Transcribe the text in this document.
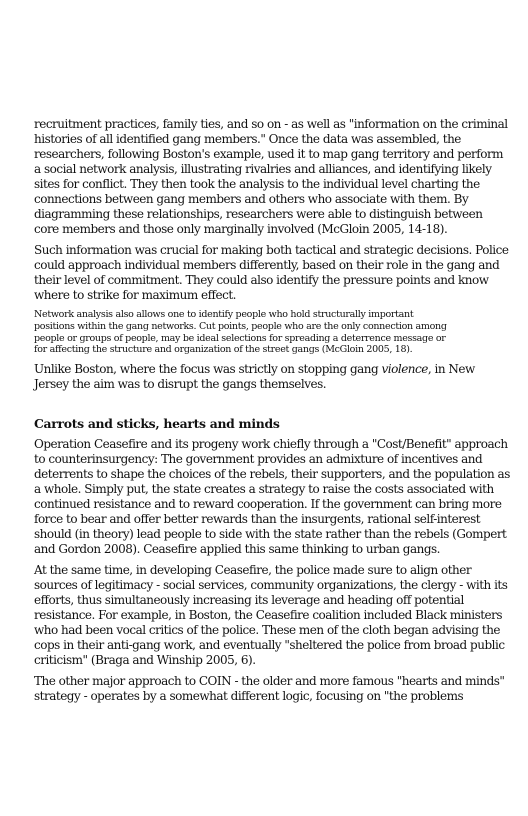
recruitment practices, family ties, and so on - as well as "information on the criminal histories of all identified gang members." Once the data was assembled, the researchers, following Boston's example, used it to map gang territory and perform a social network analysis, illustrating rivalries and alliances, and identifying likely sites for conflict. They then took the analysis to the individual level charting the connections between gang members and others who associate with them. By diagramming these relationships, researchers were able to distinguish between core members and those only marginally involved (McGloin 2005, 14-18).

Such information was crucial for making both tactical and strategic decisions. Police could approach individual members differently, based on their role in the gang and their level of commitment. They could also identify the pressure points and know where to strike for maximum effect.

Network analysis also allows one to identify people who hold structurally important positions within the gang networks. Cut points, people who are the only connection among people or groups of people, may be ideal selections for spreading a deterrence message or for affecting the structure and organization of the street gangs (McGloin 2005, 18).

Unlike Boston, where the focus was strictly on stopping gang violence, in New Jersey the aim was to disrupt the gangs themselves.

Carrots and sticks, hearts and minds

Operation Ceasefire and its progeny work chiefly through a "Cost/Benefit" approach to counterinsurgency: The government provides an admixture of incentives and deterrents to shape the choices of the rebels, their supporters, and the population as a whole. Simply put, the state creates a strategy to raise the costs associated with continued resistance and to reward cooperation. If the government can bring more force to bear and offer better rewards than the insurgents, rational self-interest should (in theory) lead people to side with the state rather than the rebels (Gompert and Gordon 2008). Ceasefire applied this same thinking to urban gangs.

At the same time, in developing Ceasefire, the police made sure to align other sources of legitimacy - social services, community organizations, the clergy - with its efforts, thus simultaneously increasing its leverage and heading off potential resistance. For example, in Boston, the Ceasefire coalition included Black ministers who had been vocal critics of the police. These men of the cloth began advising the cops in their anti-gang work, and eventually "sheltered the police from broad public criticism" (Braga and Winship 2005, 6).

The other major approach to COIN - the older and more famous "hearts and minds" strategy - operates by a somewhat different logic, focusing on "the problems
